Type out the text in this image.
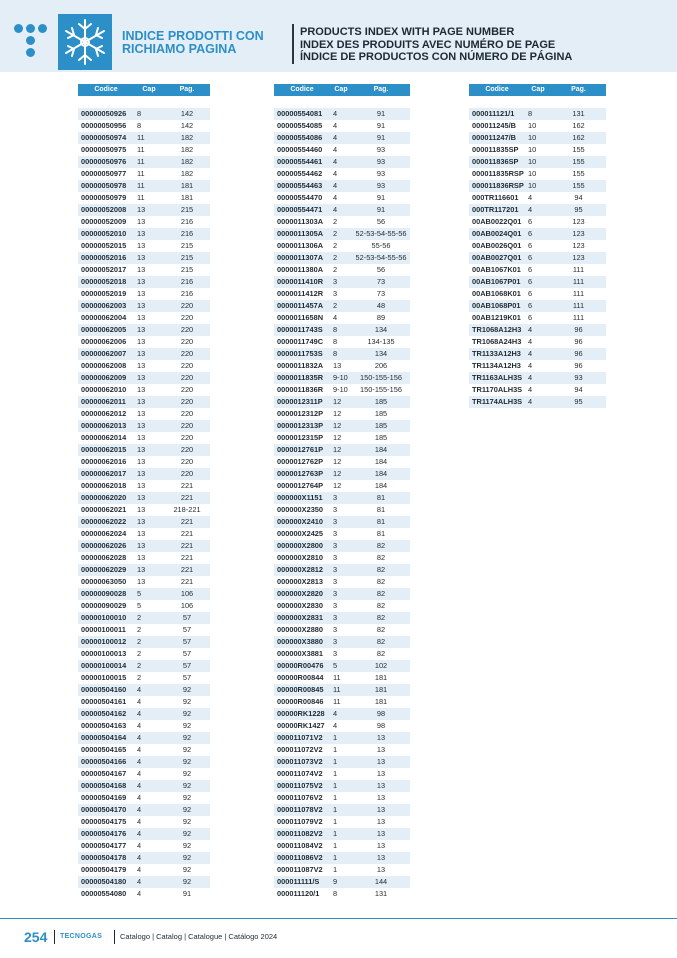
INDICE PRODOTTI CON RICHIAMO PAGINA
PRODUCTS INDEX WITH PAGE NUMBER
INDEX DES PRODUITS AVEC NUMÉRO DE PAGE
ÍNDICE DE PRODUCTOS CON NÚMERO DE PÁGINA
Codice	Cap	Pag.
00000050926	8	142
00000050956	8	142
00000050974	11	182
00000050975	11	182
00000050976	11	182
00000050977	11	182
00000050978	11	181
00000050979	11	181
00000052008	13	215
00000052009	13	216
00000052010	13	216
00000052015	13	215
00000052016	13	215
00000052017	13	215
00000052018	13	216
00000052019	13	216
00000062003	13	220
00000062004	13	220
00000062005	13	220
00000062006	13	220
00000062007	13	220
00000062008	13	220
00000062009	13	220
00000062010	13	220
00000062011	13	220
00000062012	13	220
00000062013	13	220
00000062014	13	220
00000062015	13	220
00000062016	13	220
00000062017	13	220
00000062018	13	221
00000062020	13	221
00000062021	13	218-221
00000062022	13	221
00000062024	13	221
00000062026	13	221
00000062028	13	221
00000062029	13	221
00000063050	13	221
00000090028	5	106
00000090029	5	106
00000100010	2	57
00000100011	2	57
00000100012	2	57
00000100013	2	57
00000100014	2	57
00000100015	2	57
00000504160	4	92
00000504161	4	92
00000504162	4	92
00000504163	4	92
00000504164	4	92
00000504165	4	92
00000504166	4	92
00000504167	4	92
00000504168	4	92
00000504169	4	92
00000504170	4	92
00000504175	4	92
00000504176	4	92
00000504177	4	92
00000504178	4	92
00000504179	4	92
00000504180	4	92
00000554080	4	91
Codice	Cap	Pag.
00000554081	4	91
00000554085	4	91
00000554086	4	91
00000554460	4	93
00000554461	4	93
00000554462	4	93
00000554463	4	93
00000554470	4	91
00000554471	4	91
0000011303A	2	56
0000011305A	2	52-53-54-55-56
0000011306A	2	55-56
0000011307A	2	52-53-54-55-56
0000011380A	2	56
0000011410R	3	73
0000011412R	3	73
0000011457A	2	48
0000011658N	4	89
0000011743S	8	134
0000011749C	8	134-135
0000011753S	8	134
0000011832A	13	206
0000011835R	9-10	150-155-156
0000011836R	9-10	150-155-156
0000012311P	12	185
0000012312P	12	185
0000012313P	12	185
0000012315P	12	185
0000012761P	12	184
0000012762P	12	184
0000012763P	12	184
0000012764P	12	184
000000X1151	3	81
000000X2350	3	81
000000X2410	3	81
000000X2425	3	81
000000X2800	3	82
000000X2810	3	82
000000X2812	3	82
000000X2813	3	82
000000X2820	3	82
000000X2830	3	82
000000X2831	3	82
000000X2880	3	82
000000X3880	3	82
000000X3881	3	82
00000R00476	5	102
00000R00844	11	181
00000R00845	11	181
00000R00846	11	181
00000RK1228	4	98
00000RK1427	4	98
000011071V2	1	13
000011072V2	1	13
000011073V2	1	13
000011074V2	1	13
000011075V2	1	13
000011076V2	1	13
000011078V2	1	13
000011079V2	1	13
000011082V2	1	13
000011084V2	1	13
000011086V2	1	13
000011087V2	1	13
000011111/S	9	144
000011120/1	8	131
Codice	Cap	Pag.
000011121/1	8	131
000011245/B	10	162
000011247/B	10	162
000011835SP	10	155
000011836SP	10	155
000011835RSP 10	155
000011836RSP 10	155
000TR116601	4	94
000TR117201	4	95
00AB0022Q01 6	123
00AB0024Q01 6	123
00AB0026Q01 6	123
00AB0027Q01 6	123
00AB1067K01 6	111
00AB1067P01	6	111
00AB1068K01 6	111
00AB1068P01	6	111
00AB1219K01 6	111
TR1068A12H3 4	96
TR1068A24H3 4	96
TR1133A12H3 4	96
TR1134A12H3 4	96
TR1163ALH3S 4	93
TR1170ALH3S 4	94
TR1174ALH3S 4	95
254 TECNOGAS Catalogo | Catalog | Catalogue | Catálogo 2024
